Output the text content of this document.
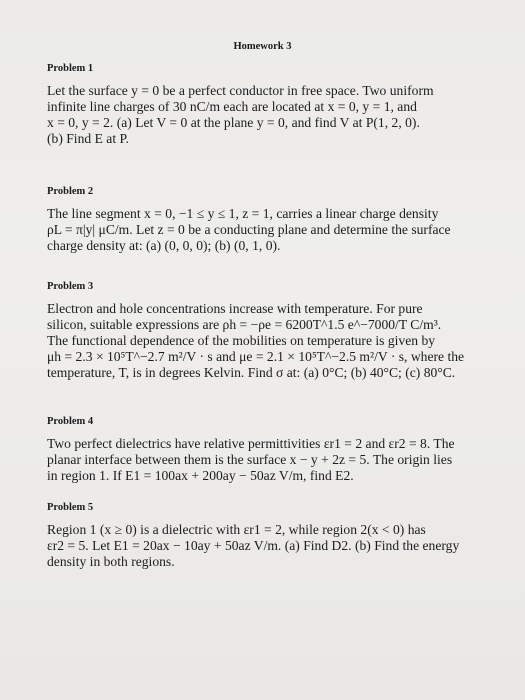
Homework 3
Problem 1
Let the surface y = 0 be a perfect conductor in free space. Two uniform
infinite line charges of 30 nC/m each are located at x = 0, y = 1, and
x = 0, y = 2. (a) Let V = 0 at the plane y = 0, and find V at P(1, 2, 0).
(b) Find E at P.
Problem 2
The line segment x = 0, −1 ≤ y ≤ 1, z = 1, carries a linear charge density
ρL = π|y| μC/m. Let z = 0 be a conducting plane and determine the surface
charge density at: (a) (0, 0, 0); (b) (0, 1, 0).
Problem 3
Electron and hole concentrations increase with temperature. For pure
silicon, suitable expressions are ρh = −ρe = 6200T^1.5 e^−7000/T C/m³.
The functional dependence of the mobilities on temperature is given by
μh = 2.3 × 10⁵T^−2.7 m²/V · s and μe = 2.1 × 10⁵T^−2.5 m²/V · s, where the
temperature, T, is in degrees Kelvin. Find σ at: (a) 0°C; (b) 40°C; (c) 80°C.
Problem 4
Two perfect dielectrics have relative permittivities εr1 = 2 and εr2 = 8. The
planar interface between them is the surface x − y + 2z = 5. The origin lies
in region 1. If E1 = 100ax + 200ay − 50az V/m, find E2.
Problem 5
Region 1 (x ≥ 0) is a dielectric with εr1 = 2, while region 2(x < 0) has
εr2 = 5. Let E1 = 20ax − 10ay + 50az V/m. (a) Find D2. (b) Find the energy
density in both regions.
